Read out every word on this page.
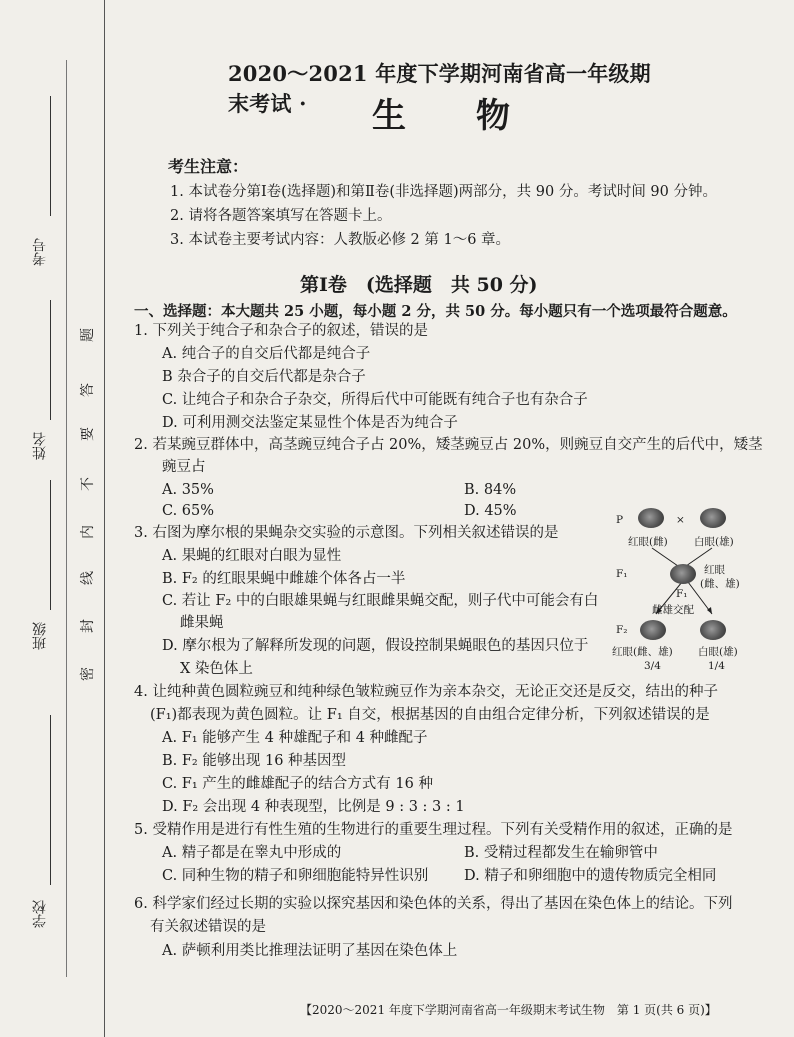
考号
姓名
班级
学校
题
答
要
不
内
线
封
密
2020～2021 年度下学期河南省高一年级期末考试 ·	生物
考生注意：
1. 本试卷分第Ⅰ卷(选择题)和第Ⅱ卷(非选择题)两部分，共 90 分。考试时间 90 分钟。
2. 请将各题答案填写在答题卡上。
3. 本试卷主要考试内容：人教版必修 2 第 1～6 章。
第Ⅰ卷　(选择题　共 50 分)
一、选择题：本大题共 25 小题，每小题 2 分，共 50 分。每小题只有一个选项最符合题意。
1. 下列关于纯合子和杂合子的叙述，错误的是
A. 纯合子的自交后代都是纯合子
B 杂合子的自交后代都是杂合子
C. 让纯合子和杂合子杂交，所得后代中可能既有纯合子也有杂合子
D. 可利用测交法鉴定某显性个体是否为纯合子
2. 若某豌豆群体中，高茎豌豆纯合子占 20%，矮茎豌豆占 20%，则豌豆自交产生的后代中，矮茎
豌豆占
A. 35%	B. 84%
C. 65%	D. 45%
3. 右图为摩尔根的果蝇杂交实验的示意图。下列相关叙述错误的是
A. 果蝇的红眼对白眼为显性
B. F₂ 的红眼果蝇中雌雄个体各占一半
C. 若让 F₂ 中的白眼雄果蝇与红眼雌果蝇交配，则子代中可能会有白
雌果蝇
D. 摩尔根为了解释所发现的问题，假设控制果蝇眼色的基因只位于
X 染色体上
P	×
红眼(雌)	白眼(雄)
F₁	红眼
(雌、雄)
F₁
雌雄交配
F₂
红眼(雌、雄) 白眼(雄)
3/4	1/4
4. 让纯种黄色圆粒豌豆和纯种绿色皱粒豌豆作为亲本杂交，无论正交还是反交，结出的种子
(F₁)都表现为黄色圆粒。让 F₁ 自交，根据基因的自由组合定律分析，下列叙述错误的是
A. F₁ 能够产生 4 种雄配子和 4 种雌配子
B. F₂ 能够出现 16 种基因型
C. F₁ 产生的雌雄配子的结合方式有 16 种
D. F₂ 会出现 4 种表现型，比例是 9 : 3 : 3 : 1
5. 受精作用是进行有性生殖的生物进行的重要生理过程。下列有关受精作用的叙述，正确的是
A. 精子都是在睾丸中形成的	B. 受精过程都发生在输卵管中
C. 同种生物的精子和卵细胞能特异性识别 D. 精子和卵细胞中的遗传物质完全相同
6. 科学家们经过长期的实验以探究基因和染色体的关系，得出了基因在染色体上的结论。下列
有关叙述错误的是
A. 萨顿利用类比推理法证明了基因在染色体上
【2020～2021 年度下学期河南省高一年级期末考试生物　第 1 页(共 6 页)】
